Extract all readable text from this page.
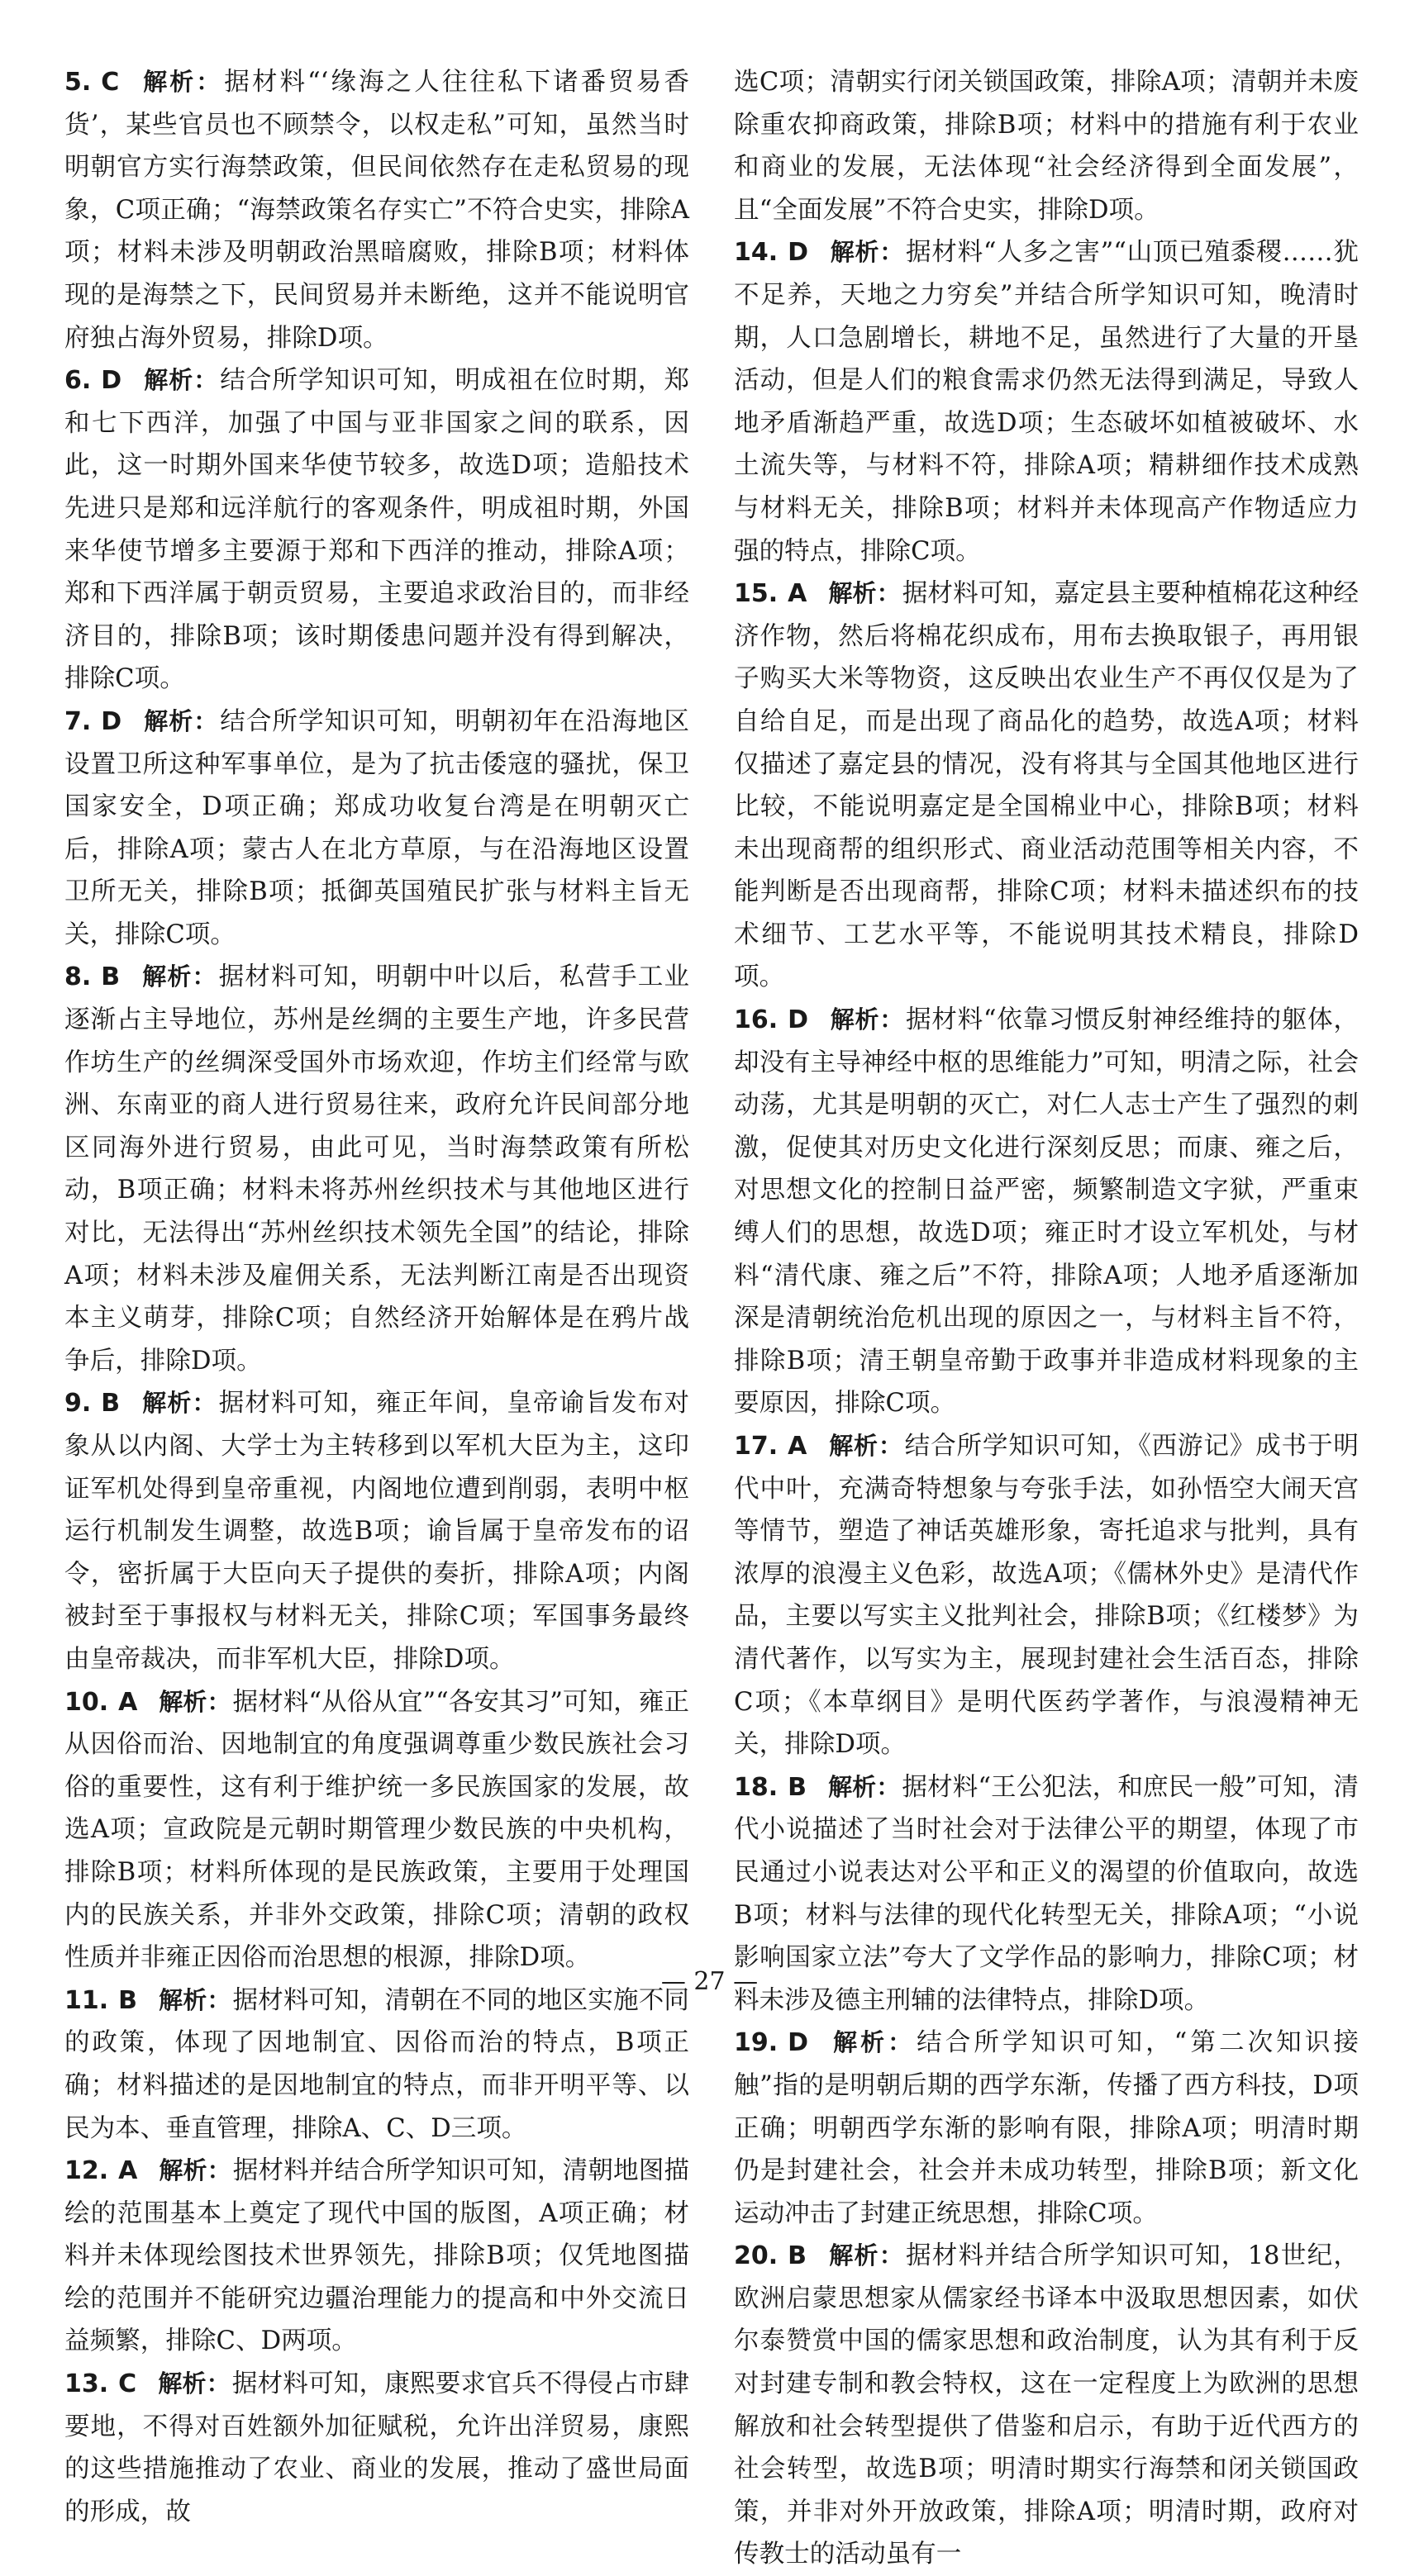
5. C 解析：据材料“‘缘海之人往往私下诸番贸易香货’，某些官员也不顾禁令，以权走私”可知，虽然当时明朝官方实行海禁政策，但民间依然存在走私贸易的现象，C项正确；“海禁政策名存实亡”不符合史实，排除A项；材料未涉及明朝政治黑暗腐败，排除B项；材料体现的是海禁之下，民间贸易并未断绝，这并不能说明官府独占海外贸易，排除D项。

6. D 解析：结合所学知识可知，明成祖在位时期，郑和七下西洋，加强了中国与亚非国家之间的联系，因此，这一时期外国来华使节较多，故选D项；造船技术先进只是郑和远洋航行的客观条件，明成祖时期，外国来华使节增多主要源于郑和下西洋的推动，排除A项；郑和下西洋属于朝贡贸易，主要追求政治目的，而非经济目的，排除B项；该时期倭患问题并没有得到解决，排除C项。

7. D 解析：结合所学知识可知，明朝初年在沿海地区设置卫所这种军事单位，是为了抗击倭寇的骚扰，保卫国家安全，D项正确；郑成功收复台湾是在明朝灭亡后，排除A项；蒙古人在北方草原，与在沿海地区设置卫所无关，排除B项；抵御英国殖民扩张与材料主旨无关，排除C项。

8. B 解析：据材料可知，明朝中叶以后，私营手工业逐渐占主导地位，苏州是丝绸的主要生产地，许多民营作坊生产的丝绸深受国外市场欢迎，作坊主们经常与欧洲、东南亚的商人进行贸易往来，政府允许民间部分地区同海外进行贸易，由此可见，当时海禁政策有所松动，B项正确；材料未将苏州丝织技术与其他地区进行对比，无法得出“苏州丝织技术领先全国”的结论，排除A项；材料未涉及雇佣关系，无法判断江南是否出现资本主义萌芽，排除C项；自然经济开始解体是在鸦片战争后，排除D项。

9. B 解析：据材料可知，雍正年间，皇帝谕旨发布对象从以内阁、大学士为主转移到以军机大臣为主，这印证军机处得到皇帝重视，内阁地位遭到削弱，表明中枢运行机制发生调整，故选B项；谕旨属于皇帝发布的诏令，密折属于大臣向天子提供的奏折，排除A项；内阁被封至于事报权与材料无关，排除C项；军国事务最终由皇帝裁决，而非军机大臣，排除D项。

10. A 解析：据材料“从俗从宜”“各安其习”可知，雍正从因俗而治、因地制宜的角度强调尊重少数民族社会习俗的重要性，这有利于维护统一多民族国家的发展，故选A项；宣政院是元朝时期管理少数民族的中央机构，排除B项；材料所体现的是民族政策，主要用于处理国内的民族关系，并非外交政策，排除C项；清朝的政权性质并非雍正因俗而治思想的根源，排除D项。

11. B 解析：据材料可知，清朝在不同的地区实施不同的政策，体现了因地制宜、因俗而治的特点，B项正确；材料描述的是因地制宜的特点，而非开明平等、以民为本、垂直管理，排除A、C、D三项。

12. A 解析：据材料并结合所学知识可知，清朝地图描绘的范围基本上奠定了现代中国的版图，A项正确；材料并未体现绘图技术世界领先，排除B项；仅凭地图描绘的范围并不能研究边疆治理能力的提高和中外交流日益频繁，排除C、D两项。

13. C 解析：据材料可知，康熙要求官兵不得侵占市肆要地，不得对百姓额外加征赋税，允许出洋贸易，康熙的这些措施推动了农业、商业的发展，推动了盛世局面的形成，故

选C项；清朝实行闭关锁国政策，排除A项；清朝并未废除重农抑商政策，排除B项；材料中的措施有利于农业和商业的发展，无法体现“社会经济得到全面发展”，且“全面发展”不符合史实，排除D项。

14. D 解析：据材料“人多之害”“山顶已殖黍稷……犹不足养，天地之力穷矣”并结合所学知识可知，晚清时期，人口急剧增长，耕地不足，虽然进行了大量的开垦活动，但是人们的粮食需求仍然无法得到满足，导致人地矛盾渐趋严重，故选D项；生态破坏如植被破坏、水土流失等，与材料不符，排除A项；精耕细作技术成熟与材料无关，排除B项；材料并未体现高产作物适应力强的特点，排除C项。

15. A 解析：据材料可知，嘉定县主要种植棉花这种经济作物，然后将棉花织成布，用布去换取银子，再用银子购买大米等物资，这反映出农业生产不再仅仅是为了自给自足，而是出现了商品化的趋势，故选A项；材料仅描述了嘉定县的情况，没有将其与全国其他地区进行比较，不能说明嘉定是全国棉业中心，排除B项；材料未出现商帮的组织形式、商业活动范围等相关内容，不能判断是否出现商帮，排除C项；材料未描述织布的技术细节、工艺水平等，不能说明其技术精良，排除D项。

16. D 解析：据材料“依靠习惯反射神经维持的躯体，却没有主导神经中枢的思维能力”可知，明清之际，社会动荡，尤其是明朝的灭亡，对仁人志士产生了强烈的刺激，促使其对历史文化进行深刻反思；而康、雍之后，对思想文化的控制日益严密，频繁制造文字狱，严重束缚人们的思想，故选D项；雍正时才设立军机处，与材料“清代康、雍之后”不符，排除A项；人地矛盾逐渐加深是清朝统治危机出现的原因之一，与材料主旨不符，排除B项；清王朝皇帝勤于政事并非造成材料现象的主要原因，排除C项。

17. A 解析：结合所学知识可知，《西游记》成书于明代中叶，充满奇特想象与夸张手法，如孙悟空大闹天宫等情节，塑造了神话英雄形象，寄托追求与批判，具有浓厚的浪漫主义色彩，故选A项；《儒林外史》是清代作品，主要以写实主义批判社会，排除B项；《红楼梦》为清代著作，以写实为主，展现封建社会生活百态，排除C项；《本草纲目》是明代医药学著作，与浪漫精神无关，排除D项。

18. B 解析：据材料“王公犯法，和庶民一般”可知，清代小说描述了当时社会对于法律公平的期望，体现了市民通过小说表达对公平和正义的渴望的价值取向，故选B项；材料与法律的现代化转型无关，排除A项；“小说影响国家立法”夸大了文学作品的影响力，排除C项；材料未涉及德主刑辅的法律特点，排除D项。

19. D 解析：结合所学知识可知，“第二次知识接触”指的是明朝后期的西学东渐，传播了西方科技，D项正确；明朝西学东渐的影响有限，排除A项；明清时期仍是封建社会，社会并未成功转型，排除B项；新文化运动冲击了封建正统思想，排除C项。

20. B 解析：据材料并结合所学知识可知，18世纪，欧洲启蒙思想家从儒家经书译本中汲取思想因素，如伏尔泰赞赏中国的儒家思想和政治制度，认为其有利于反对封建专制和教会特权，这在一定程度上为欧洲的思想解放和社会转型提供了借鉴和启示，有助于近代西方的社会转型，故选B项；明清时期实行海禁和闭关锁国政策，并非对外开放政策，排除A项；明清时期，政府对传教士的活动虽有一

— 27 —
